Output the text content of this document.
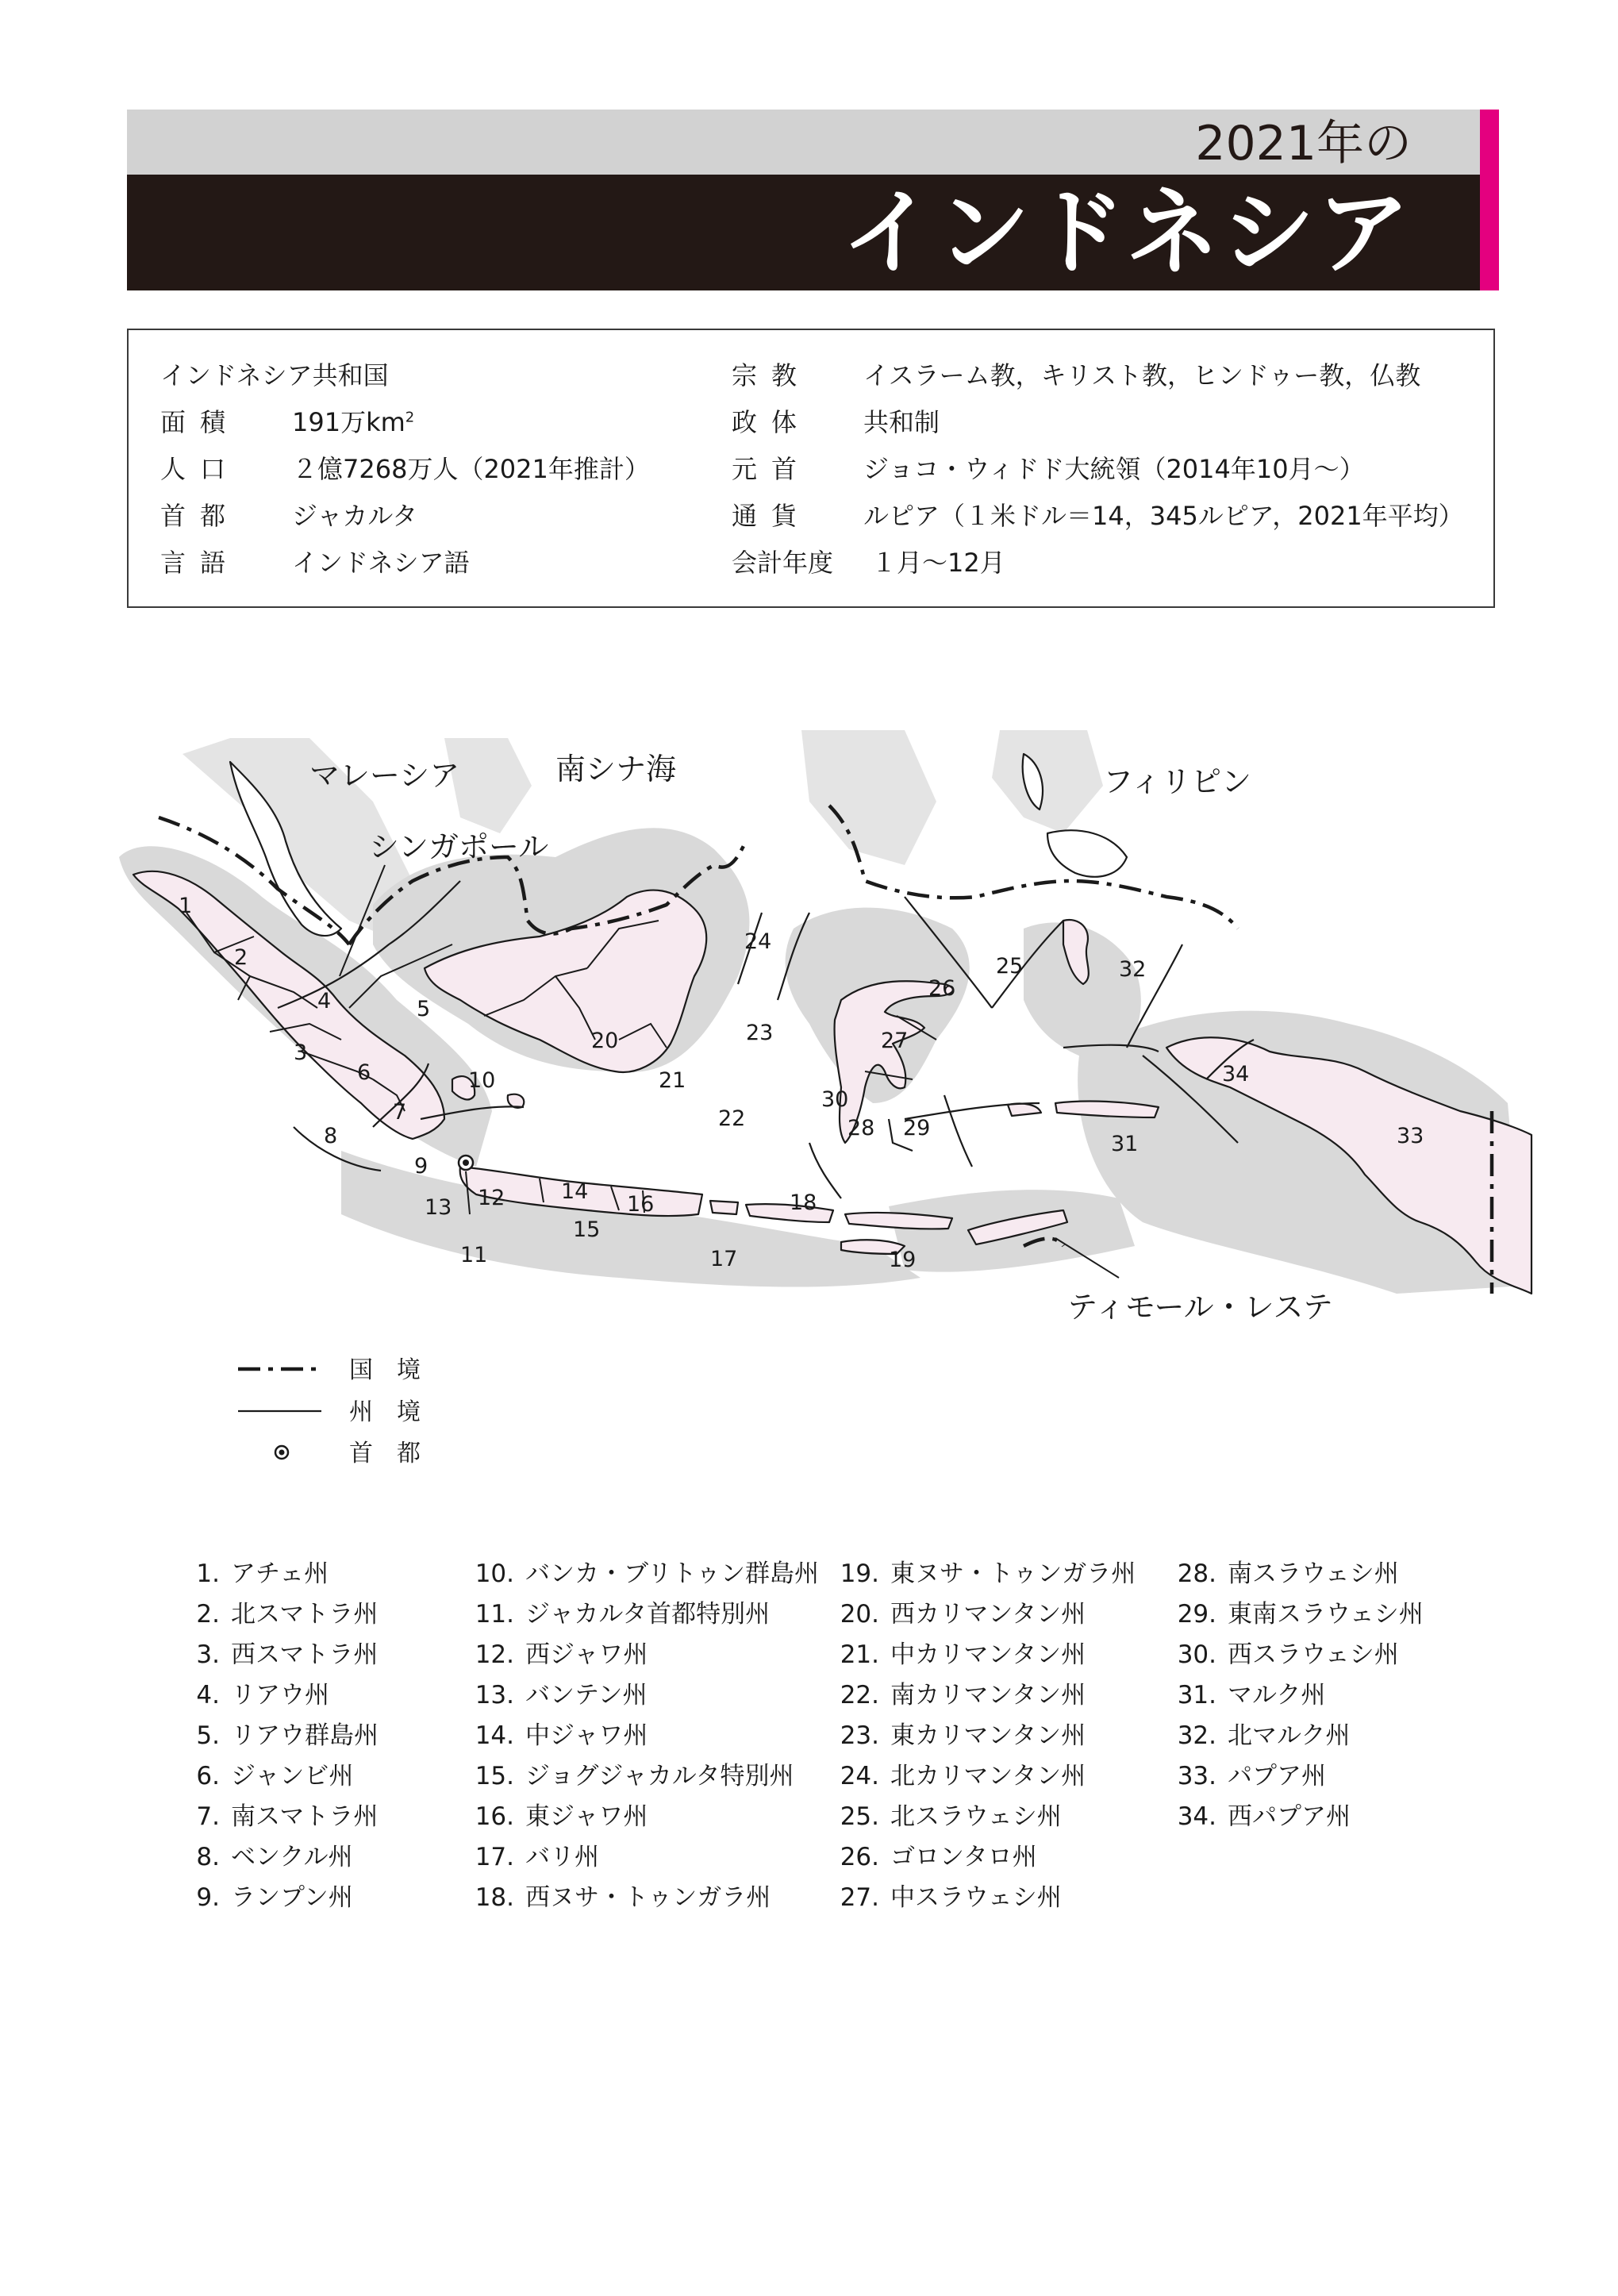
2021年の
インドネシア
インドネシア共和国
面積	191万$km^2$
人口	２億7268万人（2021年推計）
首都	ジャカルタ
言語	インドネシア語
宗教	イスラーム教，キリスト教，ヒンドゥー教，仏教
政体	共和制
元首	ジョコ・ウィドド大統領（2014年10月〜）
通貨	ルピア（１米ドル＝14，345ルピア，2021年平均）
会計年度	１月〜12月
マレーシア	南シナ海	フィリピン
シンガポール
ティモール・レステ
1
2
3
4	5
6
7
8
9
10
11
12
13
14
15
16
17
18
19
20
21
22
23
24
25
26
27
28 29
30
31
32
33
34
国　境
州　境
首　都
1. アチェ州
2. 北スマトラ州
3. 西スマトラ州
4. リアウ州
5. リアウ群島州
6. ジャンビ州
7. 南スマトラ州
8. ベンクル州
9. ランプン州
10. バンカ・ブリトゥン群島州
11. ジャカルタ首都特別州
12. 西ジャワ州
13. バンテン州
14. 中ジャワ州
15. ジョグジャカルタ特別州
16. 東ジャワ州
17. バリ州
18. 西ヌサ・トゥンガラ州
19. 東ヌサ・トゥンガラ州
20. 西カリマンタン州
21. 中カリマンタン州
22. 南カリマンタン州
23. 東カリマンタン州
24. 北カリマンタン州
25. 北スラウェシ州
26. ゴロンタロ州
27. 中スラウェシ州
28. 南スラウェシ州
29. 東南スラウェシ州
30. 西スラウェシ州
31. マルク州
32. 北マルク州
33. パプア州
34. 西パプア州
